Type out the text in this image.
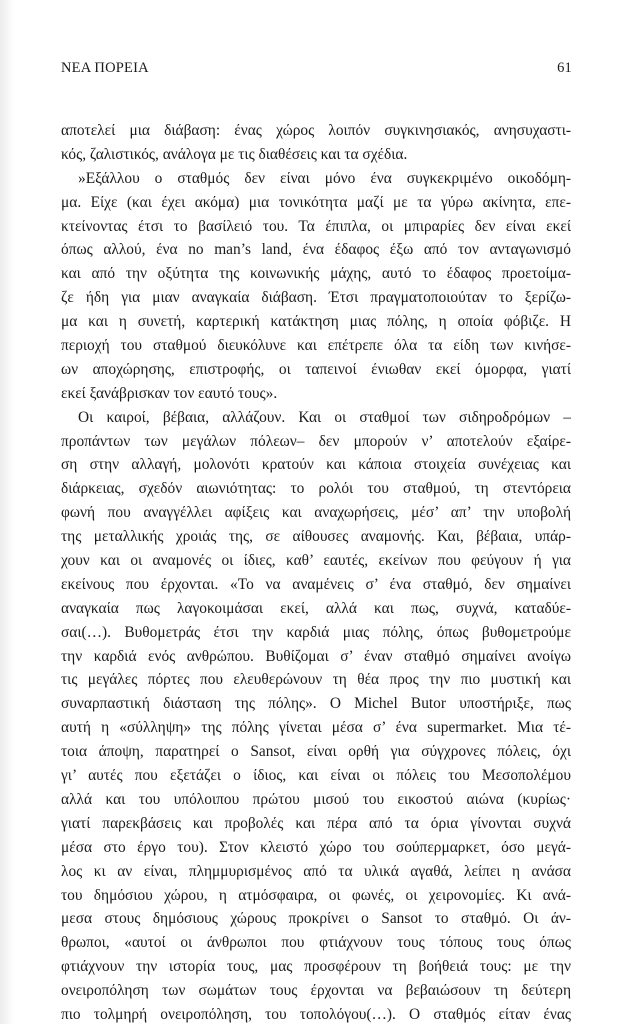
ΝΕΑ ΠΟΡΕΙΑ	61
αποτελεί μια διάβαση: ένας χώρος λοιπόν συγκινησιακός, ανησυχαστι-
κός, ζαλιστικός, ανάλογα με τις διαθέσεις και τα σχέδια.
»Εξάλλου ο σταθμός δεν είναι μόνο ένα συγκεκριμένο οικοδόμη-
μα. Είχε (και έχει ακόμα) μια τονικότητα μαζί με τα γύρω ακίνητα, επε-
κτείνοντας έτσι το βασίλειό του. Τα έπιπλα, οι μπιραρίες δεν είναι εκεί
όπως αλλού, ένα no man’s land, ένα έδαφος έξω από τον ανταγωνισμό
και από την οξύτητα της κοινωνικής μάχης, αυτό το έδαφος προετοίμα-
ζε ήδη για μιαν αναγκαία διάβαση. Έτσι πραγματοποιούταν το ξερίζω-
μα και η συνετή, καρτερική κατάκτηση μιας πόλης, η οποία φόβιζε. Η
περιοχή του σταθμού διευκόλυνε και επέτρεπε όλα τα είδη των κινήσε-
ων αποχώρησης, επιστροφής, οι ταπεινοί ένιωθαν εκεί όμορφα, γιατί
εκεί ξανάβρισκαν τον εαυτό τους».
Οι καιροί, βέβαια, αλλάζουν. Και οι σταθμοί των σιδηροδρόμων –
προπάντων των μεγάλων πόλεων– δεν μπορούν ν’ αποτελούν εξαίρε-
ση στην αλλαγή, μολονότι κρατούν και κάποια στοιχεία συνέχειας και
διάρκειας, σχεδόν αιωνιότητας: το ρολόι του σταθμού, τη στεντόρεια
φωνή που αναγγέλλει αφίξεις και αναχωρήσεις, μέσ’ απ’ την υποβολή
της μεταλλικής χροιάς της, σε αίθουσες αναμονής. Και, βέβαια, υπάρ-
χουν και οι αναμονές οι ίδιες, καθ’ εαυτές, εκείνων που φεύγουν ή για
εκείνους που έρχονται. «Το να αναμένεις σ’ ένα σταθμό, δεν σημαίνει
αναγκαία πως λαγοκοιμάσαι εκεί, αλλά και πως, συχνά, καταδύε-
σαι(…). Βυθομετράς έτσι την καρδιά μιας πόλης, όπως βυθομετρούμε
την καρδιά ενός ανθρώπου. Βυθίζομαι σ’ έναν σταθμό σημαίνει ανοίγω
τις μεγάλες πόρτες που ελευθερώνουν τη θέα προς την πιο μυστική και
συναρπαστική διάσταση της πόλης». Ο Michel Butor υποστήριξε, πως
αυτή η «σύλληψη» της πόλης γίνεται μέσα σ’ ένα supermarket. Μια τέ-
τοια άποψη, παρατηρεί ο Sansot, είναι ορθή για σύγχρονες πόλεις, όχι
γι’ αυτές που εξετάζει ο ίδιος, και είναι οι πόλεις του Μεσοπολέμου
αλλά και του υπόλοιπου πρώτου μισού του εικοστού αιώνα (κυρίως·
γιατί παρεκβάσεις και προβολές και πέρα από τα όρια γίνονται συχνά
μέσα στο έργο του). Στον κλειστό χώρο του σούπερμαρκετ, όσο μεγά-
λος κι αν είναι, πλημμυρισμένος από τα υλικά αγαθά, λείπει η ανάσα
του δημόσιου χώρου, η ατμόσφαιρα, οι φωνές, οι χειρονομίες. Κι ανά-
μεσα στους δημόσιους χώρους προκρίνει ο Sansot το σταθμό. Οι άν-
θρωποι, «αυτοί οι άνθρωποι που φτιάχνουν τους τόπους τους όπως
φτιάχνουν την ιστορία τους, μας προσφέρουν τη βοήθειά τους: με την
ονειροπόληση των σωμάτων τους έρχονται να βεβαιώσουν τη δεύτερη
πιο τολμηρή ονειροπόληση, του τοπολόγου(…). Ο σταθμός είταν ένας
